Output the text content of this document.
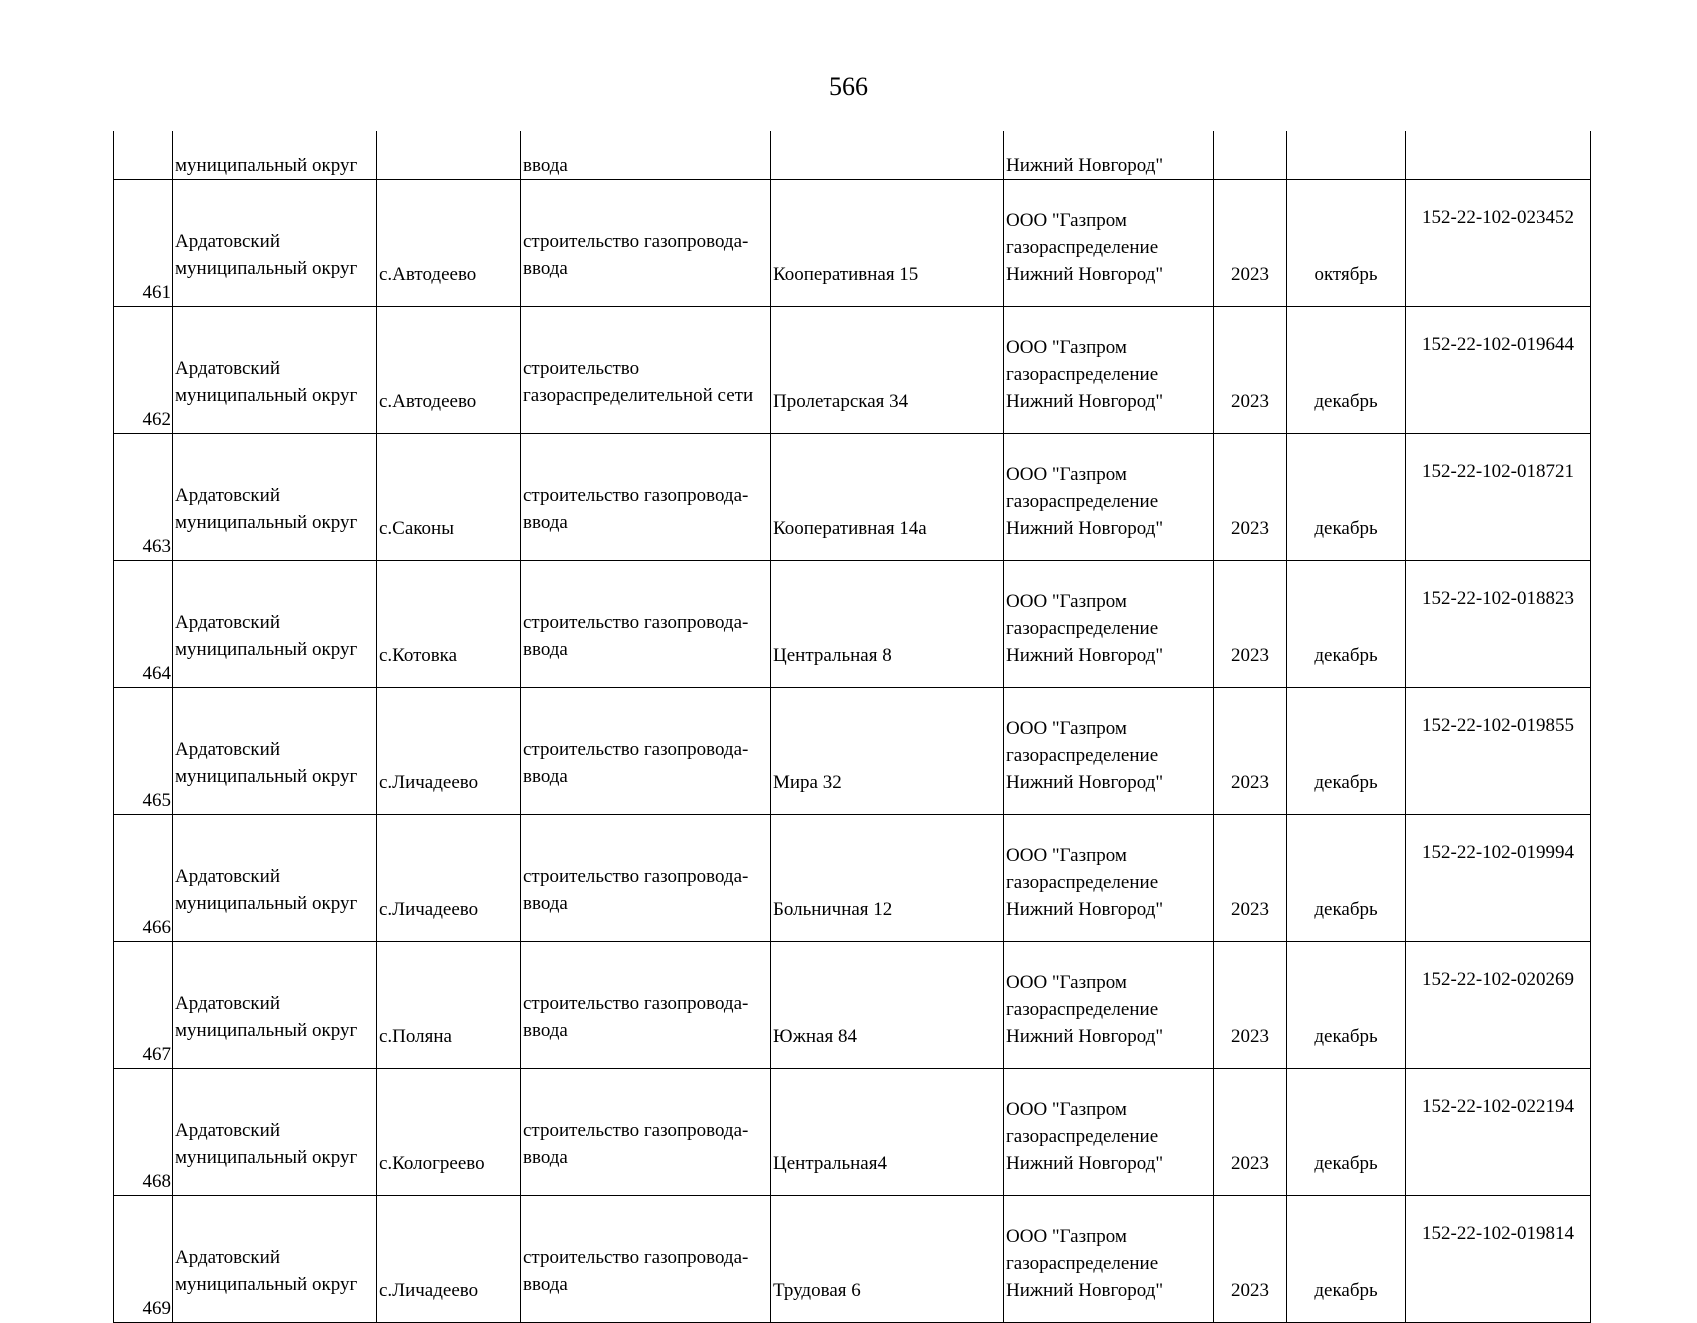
566
	муниципальный округ		ввода		Нижний Новгород"			
461	Ардатовский
муниципальный округ	с.Автодеево	строительство газопровода-
ввода	Кооперативная 15	ООО "Газпром
газораспределение
Нижний Новгород"	2023	октябрь	152-22-102-023452
462	Ардатовский
муниципальный округ	с.Автодеево	строительство
газораспределительной сети	Пролетарская 34	ООО "Газпром
газораспределение
Нижний Новгород"	2023	декабрь	152-22-102-019644
463	Ардатовский
муниципальный округ	с.Саконы	строительство газопровода-
ввода	Кооперативная 14а	ООО "Газпром
газораспределение
Нижний Новгород"	2023	декабрь	152-22-102-018721
464	Ардатовский
муниципальный округ	с.Котовка	строительство газопровода-
ввода	Центральная 8	ООО "Газпром
газораспределение
Нижний Новгород"	2023	декабрь	152-22-102-018823
465	Ардатовский
муниципальный округ	с.Личадеево	строительство газопровода-
ввода	Мира 32	ООО "Газпром
газораспределение
Нижний Новгород"	2023	декабрь	152-22-102-019855
466	Ардатовский
муниципальный округ	с.Личадеево	строительство газопровода-
ввода	Больничная 12	ООО "Газпром
газораспределение
Нижний Новгород"	2023	декабрь	152-22-102-019994
467	Ардатовский
муниципальный округ	с.Поляна	строительство газопровода-
ввода	Южная 84	ООО "Газпром
газораспределение
Нижний Новгород"	2023	декабрь	152-22-102-020269
468	Ардатовский
муниципальный округ	с.Кологреево	строительство газопровода-
ввода	Центральная4	ООО "Газпром
газораспределение
Нижний Новгород"	2023	декабрь	152-22-102-022194
469	Ардатовский
муниципальный округ	с.Личадеево	строительство газопровода-
ввода	Трудовая 6	ООО "Газпром
газораспределение
Нижний Новгород"	2023	декабрь	152-22-102-019814
